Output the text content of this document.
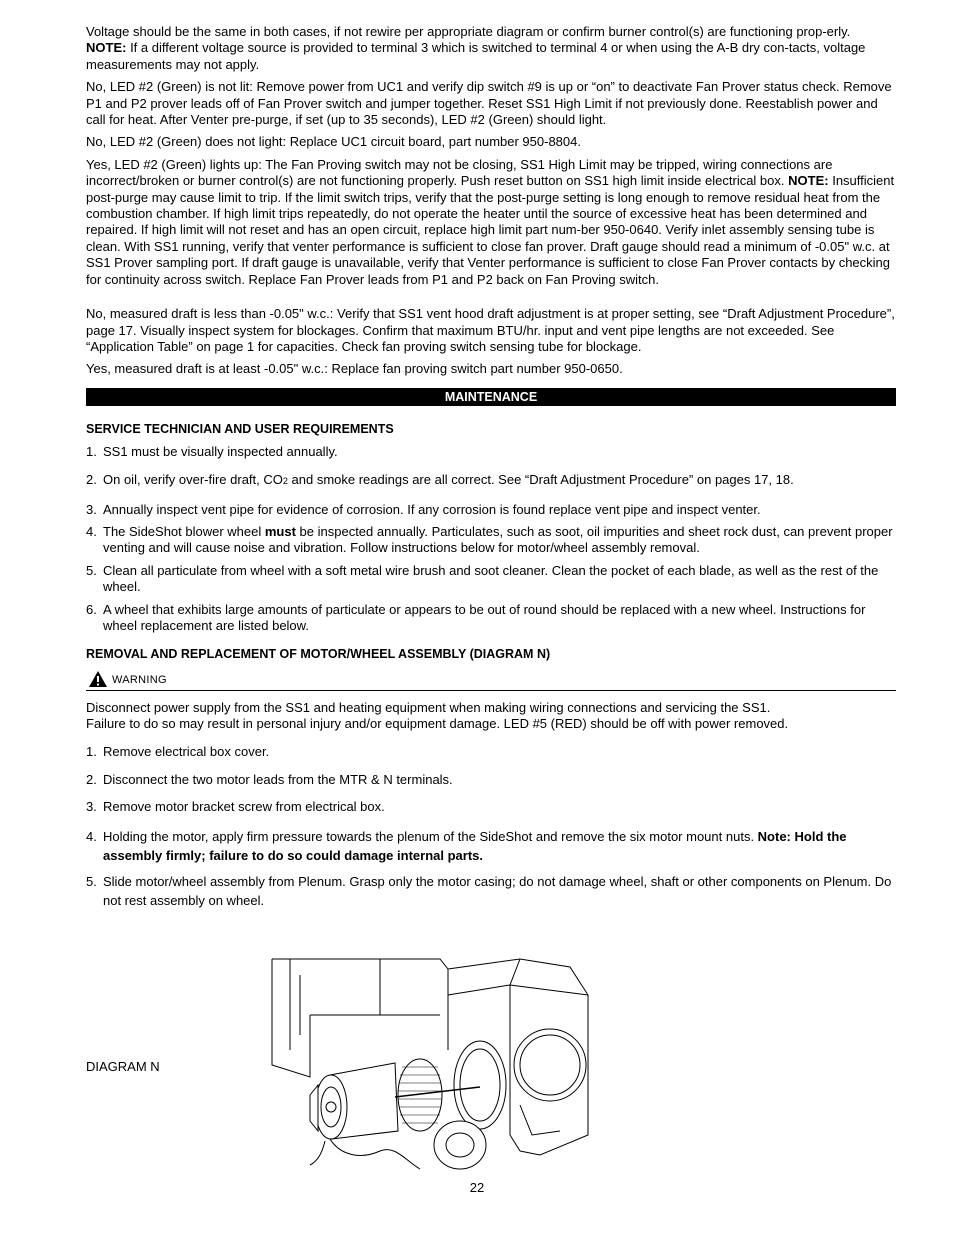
Voltage should be the same in both cases, if not rewire per appropriate diagram or confirm burner control(s) are functioning prop-erly.  NOTE: If a different voltage source is provided to terminal 3 which is switched to terminal 4 or when using the A-B dry con-tacts, voltage measurements may not apply.

No, LED #2 (Green) is not lit: Remove power from UC1 and verify dip switch #9 is up or “on” to deactivate Fan Prover status check. Remove P1 and P2 prover leads off of Fan Prover switch and jumper together. Reset SS1 High Limit if not previously done. Reestablish power and call for heat. After Venter pre-purge, if set (up to 35 seconds), LED #2 (Green) should light.

No, LED #2 (Green) does not light: Replace UC1 circuit board, part number 950-8804.

Yes, LED #2 (Green) lights up: The Fan Proving switch may not be closing, SS1 High Limit may be tripped, wiring connections are incorrect/broken or burner control(s) are not functioning properly. Push reset button on SS1 high limit inside electrical box. NOTE: Insufficient post-purge may cause limit to trip. If the limit switch trips, verify that the post-purge setting is long enough to remove residual heat from the combustion chamber. If high limit trips repeatedly, do not operate the heater until the source of excessive heat has been determined and repaired. If high limit will not reset and has an open circuit, replace high limit part num-ber 950-0640. Verify inlet assembly sensing tube is clean. With SS1 running, verify that venter performance is sufficient to close fan prover. Draft gauge should read a minimum of -0.05" w.c. at SS1 Prover sampling port. If draft gauge is unavailable, verify that Venter performance is sufficient to close Fan Prover contacts by checking for continuity across switch. Replace Fan Prover leads from P1 and P2 back on Fan Proving switch.

No, measured draft is less than -0.05" w.c.: Verify that SS1 vent hood draft adjustment is at proper setting, see “Draft Adjustment Procedure”, page 17. Visually inspect system for blockages. Confirm that maximum BTU/hr. input and vent pipe lengths are not exceeded. See “Application Table” on page 1 for capacities. Check fan proving switch sensing tube for blockage.

Yes, measured draft is at least -0.05" w.c.: Replace fan proving switch part number 950-0650.

MAINTENANCE
SERVICE TECHNICIAN AND USER REQUIREMENTS
1. SS1 must be visually inspected annually.
2. On oil, verify over-fire draft, CO2 and smoke readings are all correct. See “Draft Adjustment Procedure” on pages 17, 18.
3. Annually inspect vent pipe for evidence of corrosion. If any corrosion is found replace vent pipe and inspect venter.
4. The SideShot blower wheel must be inspected annually. Particulates, such as soot, oil impurities and sheet rock dust, can prevent proper venting and will cause noise and vibration. Follow instructions below for motor/wheel assembly removal.
5. Clean all particulate from wheel with a soft metal wire brush and soot cleaner. Clean the pocket of each blade, as well as the rest of the wheel.
6. A wheel that exhibits large amounts of particulate or appears to be out of round should be replaced with a new wheel. Instructions for wheel replacement are listed below.
REMOVAL AND REPLACEMENT OF MOTOR/WHEEL ASSEMBLY (DIAGRAM N)
WARNING

Disconnect power supply from the SS1 and heating equipment when making wiring connections and servicing the SS1.
Failure to do so may result in personal injury and/or equipment damage. LED #5 (RED) should be off with power removed.

1. Remove electrical box cover.
2. Disconnect the two motor leads from the MTR & N terminals.
3. Remove motor bracket screw from electrical box.
4. Holding the motor, apply firm pressure towards the plenum of the SideShot and remove the six motor mount nuts. Note: Hold the assembly firmly; failure to do so could damage internal parts.
5. Slide motor/wheel assembly from Plenum. Grasp only the motor casing; do not damage wheel, shaft or other components on Plenum. Do not rest assembly on wheel.
DIAGRAM N
22
